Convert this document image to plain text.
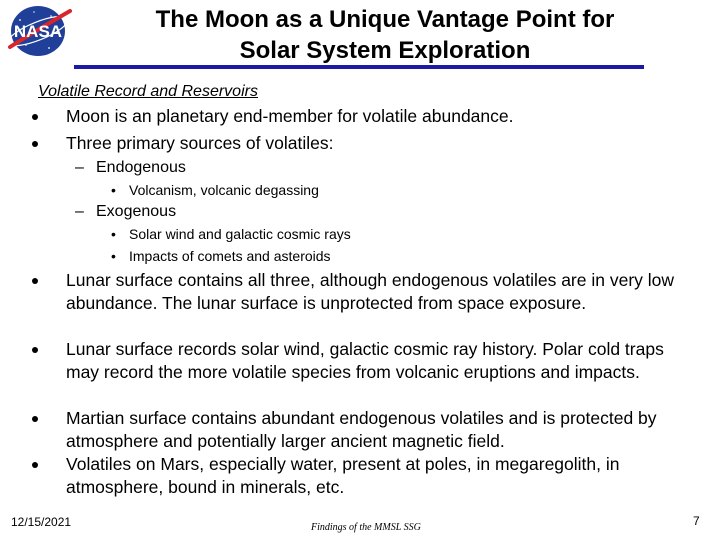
NASA	The Moon as a Unique Vantage Point for
Solar System Exploration
Volatile Record and Reservoirs
Moon is an planetary end-member for volatile abundance.
Three primary sources of volatiles:
– Endogenous
• Volcanism, volcanic degassing
– Exogenous
• Solar wind and galactic cosmic rays
• Impacts of comets and asteroids
Lunar surface contains all three, although endogenous volatiles are in very low abundance. The lunar surface is unprotected from space exposure.
Lunar surface records solar wind, galactic cosmic ray history. Polar cold traps may record the more volatile species from volcanic eruptions and impacts.
Martian surface contains abundant endogenous volatiles and is protected by atmosphere and potentially larger ancient magnetic field.
Volatiles on Mars, especially water, present at poles, in megaregolith, in atmosphere, bound in minerals, etc.
12/15/2021	Findings of the MMSL SSG	7
